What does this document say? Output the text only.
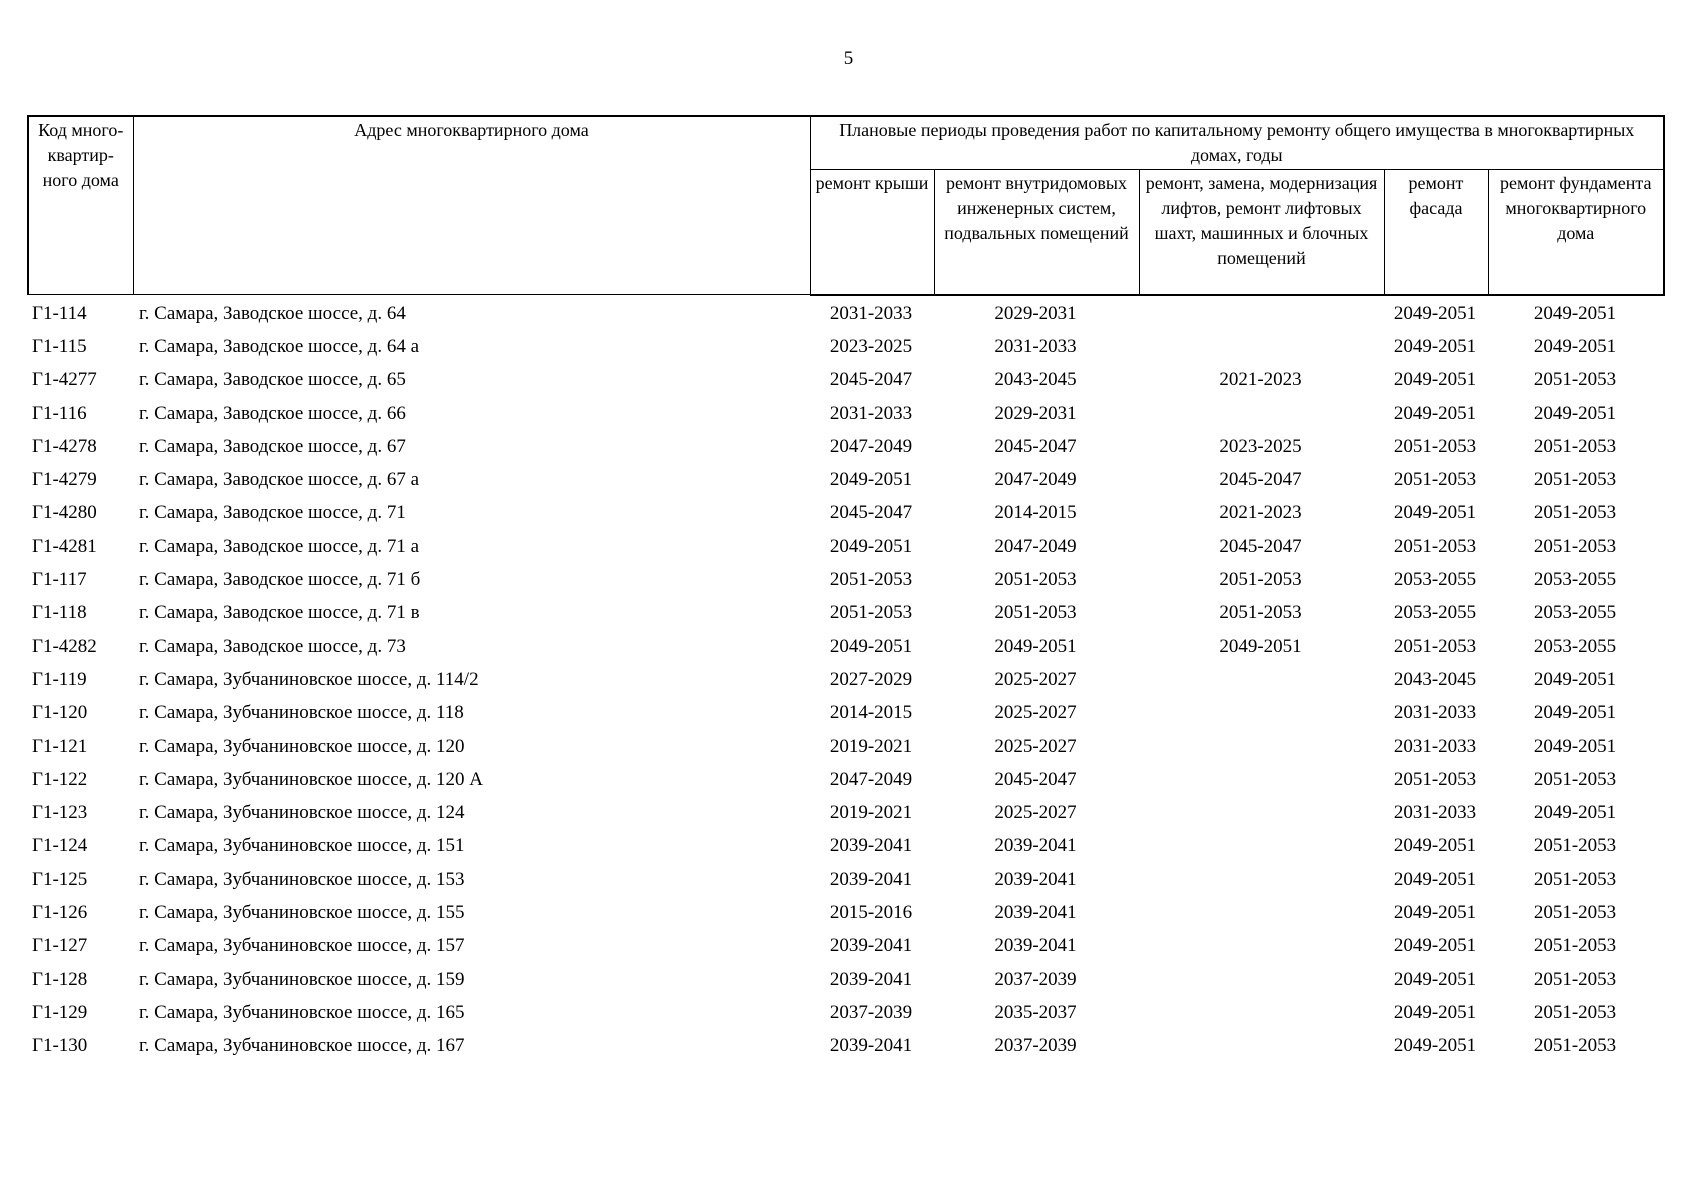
5
Код много-квартир-ного дома	Адрес многоквартирного дома	Плановые периоды проведения работ по капитальному ремонту общего имущества в многоквартирных домах, годы				
		ремонт крыши	ремонт внутридомовых инженерных систем, подвальных помещений	ремонт, замена, модернизация лифтов, ремонт лифтовых шахт, машинных и блочных помещений	ремонт фасада	ремонт фундамента многоквартирного дома
Г1-114	г. Самара, Заводское шоссе, д. 64	2031-2033	2029-2031		2049-2051	2049-2051
Г1-115	г. Самара, Заводское шоссе, д. 64 а	2023-2025	2031-2033		2049-2051	2049-2051
Г1-4277	г. Самара, Заводское шоссе, д. 65	2045-2047	2043-2045	2021-2023	2049-2051	2051-2053
Г1-116	г. Самара, Заводское шоссе, д. 66	2031-2033	2029-2031		2049-2051	2049-2051
Г1-4278	г. Самара, Заводское шоссе, д. 67	2047-2049	2045-2047	2023-2025	2051-2053	2051-2053
Г1-4279	г. Самара, Заводское шоссе, д. 67 а	2049-2051	2047-2049	2045-2047	2051-2053	2051-2053
Г1-4280	г. Самара, Заводское шоссе, д. 71	2045-2047	2014-2015	2021-2023	2049-2051	2051-2053
Г1-4281	г. Самара, Заводское шоссе, д. 71 а	2049-2051	2047-2049	2045-2047	2051-2053	2051-2053
Г1-117	г. Самара, Заводское шоссе, д. 71 б	2051-2053	2051-2053	2051-2053	2053-2055	2053-2055
Г1-118	г. Самара, Заводское шоссе, д. 71 в	2051-2053	2051-2053	2051-2053	2053-2055	2053-2055
Г1-4282	г. Самара, Заводское шоссе, д. 73	2049-2051	2049-2051	2049-2051	2051-2053	2053-2055
Г1-119	г. Самара, Зубчаниновское шоссе, д. 114/2	2027-2029	2025-2027		2043-2045	2049-2051
Г1-120	г. Самара, Зубчаниновское шоссе, д. 118	2014-2015	2025-2027		2031-2033	2049-2051
Г1-121	г. Самара, Зубчаниновское шоссе, д. 120	2019-2021	2025-2027		2031-2033	2049-2051
Г1-122	г. Самара, Зубчаниновское шоссе, д. 120 А	2047-2049	2045-2047		2051-2053	2051-2053
Г1-123	г. Самара, Зубчаниновское шоссе, д. 124	2019-2021	2025-2027		2031-2033	2049-2051
Г1-124	г. Самара, Зубчаниновское шоссе, д. 151	2039-2041	2039-2041		2049-2051	2051-2053
Г1-125	г. Самара, Зубчаниновское шоссе, д. 153	2039-2041	2039-2041		2049-2051	2051-2053
Г1-126	г. Самара, Зубчаниновское шоссе, д. 155	2015-2016	2039-2041		2049-2051	2051-2053
Г1-127	г. Самара, Зубчаниновское шоссе, д. 157	2039-2041	2039-2041		2049-2051	2051-2053
Г1-128	г. Самара, Зубчаниновское шоссе, д. 159	2039-2041	2037-2039		2049-2051	2051-2053
Г1-129	г. Самара, Зубчаниновское шоссе, д. 165	2037-2039	2035-2037		2049-2051	2051-2053
Г1-130	г. Самара, Зубчаниновское шоссе, д. 167	2039-2041	2037-2039		2049-2051	2051-2053
